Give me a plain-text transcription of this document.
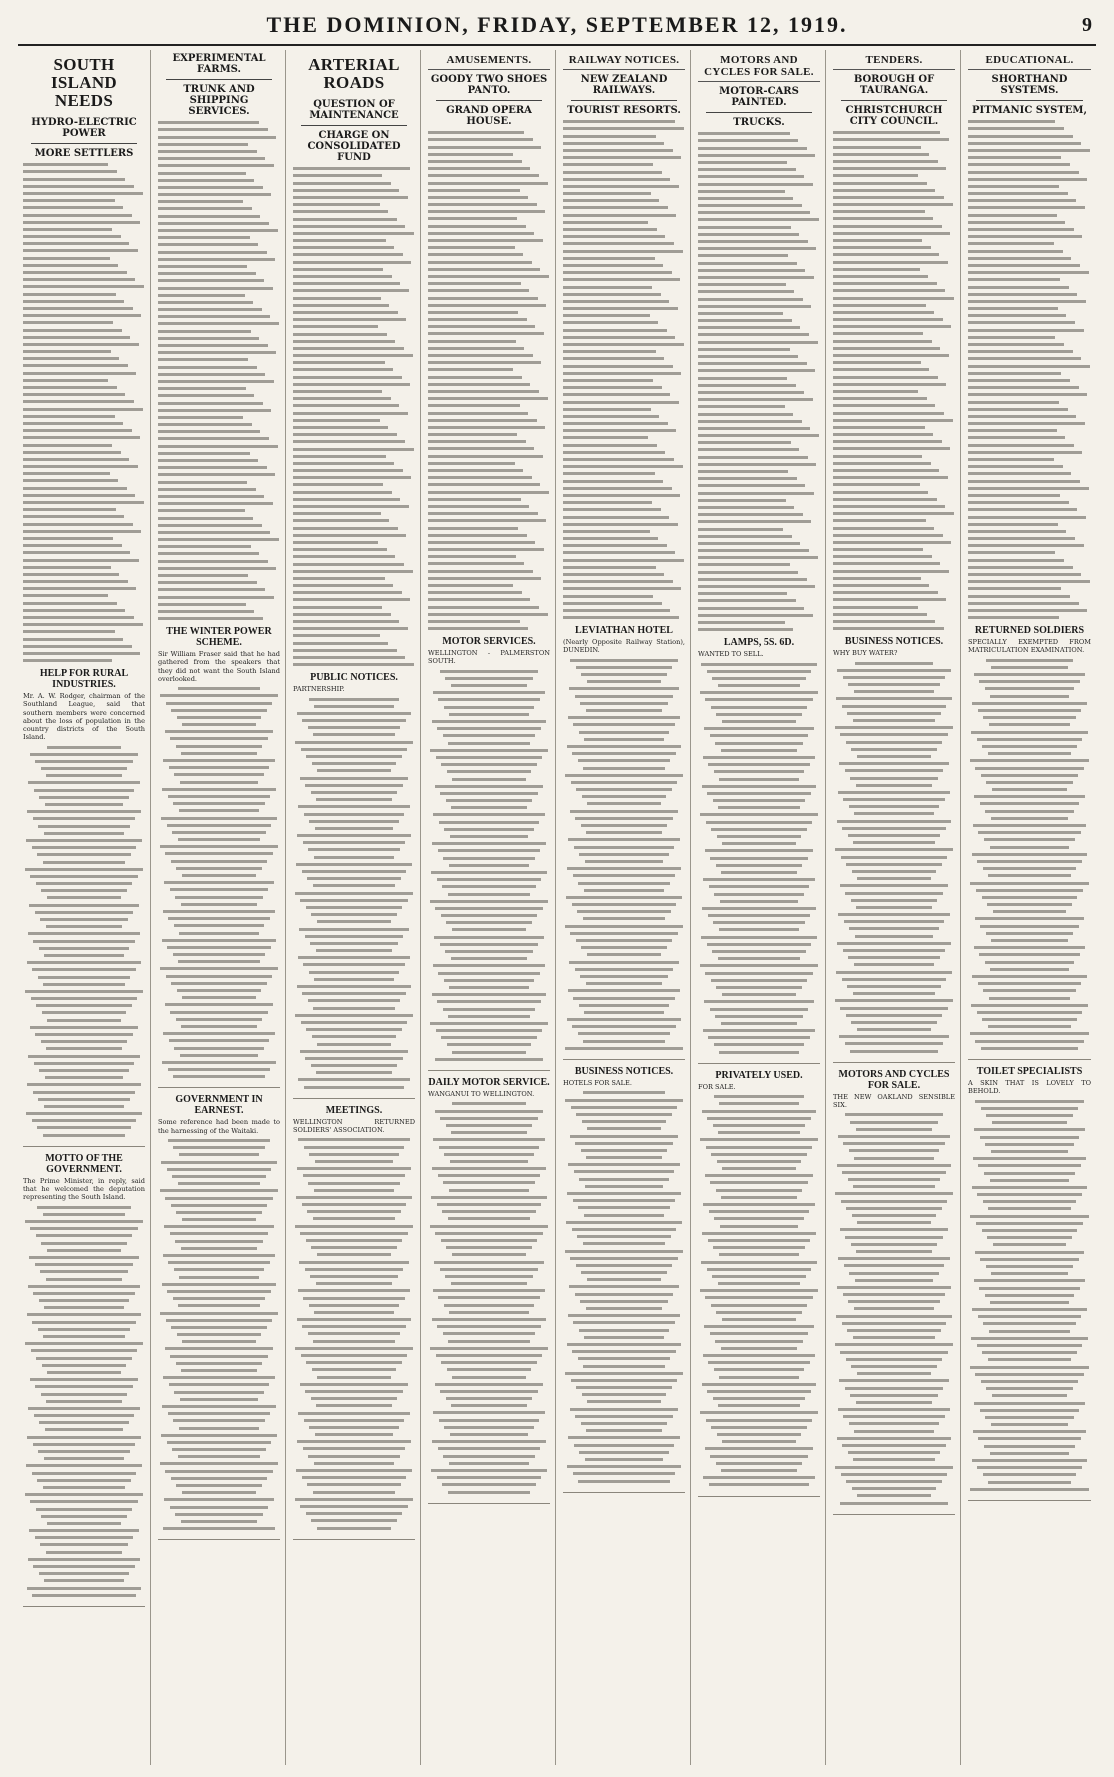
THE DOMINION, FRIDAY, SEPTEMBER 12, 1919.	9
SOUTH ISLAND NEEDS
HYDRO-ELECTRIC POWER
MORE SETTLERS
HELP FOR RURAL INDUSTRIES.
Mr. A. W. Rodger, chairman of the Southland League, said that southern members were concerned about the loss of population in the country districts of the South Island.
MOTTO OF THE GOVERNMENT.
The Prime Minister, in reply, said that he welcomed the deputation representing the South Island.
EXPERIMENTAL FARMS.
TRUNK AND SHIPPING SERVICES.
THE WINTER POWER SCHEME.
Sir William Fraser said that he had gathered from the speakers that they did not want the South Island overlooked.
GOVERNMENT IN EARNEST.
Some reference had been made to the harnessing of the Waitaki.
ARTERIAL ROADS
QUESTION OF MAINTENANCE
CHARGE ON CONSOLIDATED FUND
PUBLIC NOTICES.
PARTNERSHIP.
MEETINGS.
WELLINGTON RETURNED SOLDIERS' ASSOCIATION.
AMUSEMENTS.
GOODY TWO SHOES PANTO.
GRAND OPERA HOUSE.
MOTOR SERVICES.
WELLINGTON - PALMERSTON SOUTH.
DAILY MOTOR SERVICE.
WANGANUI TO WELLINGTON.
RAILWAY NOTICES.
NEW ZEALAND RAILWAYS.
TOURIST RESORTS.
LEVIATHAN HOTEL
(Nearly Opposite Railway Station), DUNEDIN.
BUSINESS NOTICES.
HOTELS FOR SALE.
MOTORS AND CYCLES FOR SALE.
MOTOR-CARS PAINTED.
TRUCKS.
LAMPS, 5S. 6D.
WANTED TO SELL.
PRIVATELY USED.
FOR SALE.
TENDERS.
BOROUGH OF TAURANGA.
CHRISTCHURCH CITY COUNCIL.
BUSINESS NOTICES.
WHY BUY WATER?
MOTORS AND CYCLES FOR SALE.
THE NEW OAKLAND SENSIBLE SIX.
EDUCATIONAL.
SHORTHAND SYSTEMS.
PITMANIC SYSTEM,
RETURNED SOLDIERS
SPECIALLY EXEMPTED FROM MATRICULATION EXAMINATION.
TOILET SPECIALISTS
A SKIN THAT IS LOVELY TO BEHOLD.
